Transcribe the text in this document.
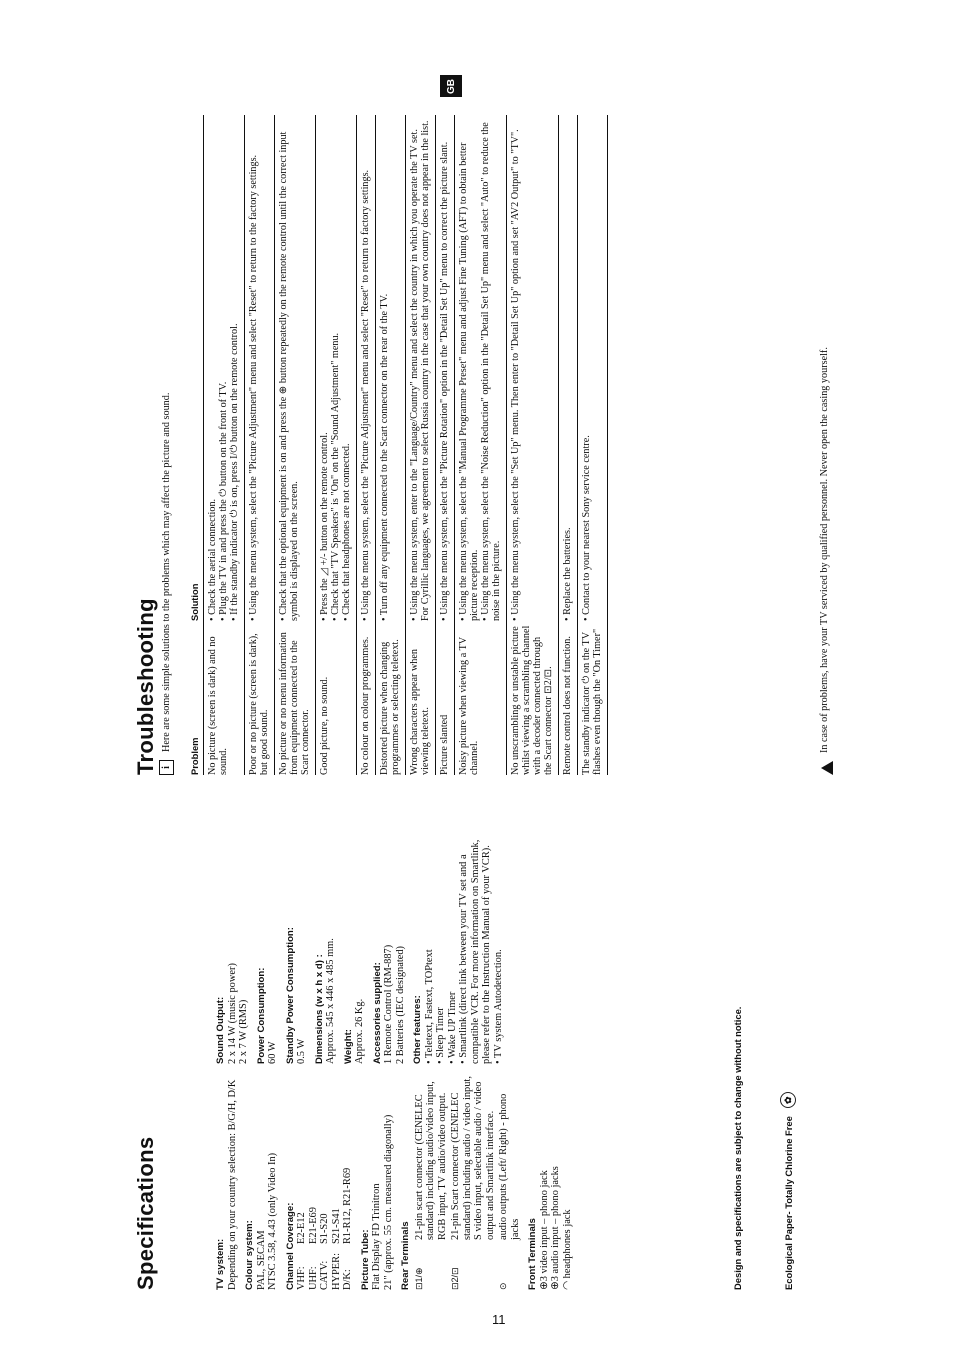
GB
Specifications	TV system: Depending on your country selection: B/G/H, D/K Colour system: PAL, SECAM NTSC 3.58, 4.43 (only Video In) Channel Coverage: VHF:
E2-E12
UHF:
E21-E69
CATV:
S1-S20
HYPER:
S21-S41
D/K:
R1-R12, R21-R69
Picture Tube: Flat Display FD Trinitron 21" (approx. 55 cm. measured diagonally) Rear Terminals ⊡1/⊕
21-pin scart connector (CENELEC standard) including audio/video input, RGB input, TV audio/video output.
⊡2/⊡
21-pin Scart connector (CENELEC standard) including audio / video input, S video input, selectable audio / video output and Smartlink interface.
⊙
audio outputs (Left/ Right) - phono jacks Front Terminals ⊕3 video input – phono jack ⊕3 audio input – phono jacks ◠ headphones jack
Sound Output: 2 x 14 W (music power) 2 x 7 W (RMS) Power Consumption: 60 W Standby Power Consumption: 0.5 W Dimensions (w x h x d) : Approx. 545 x 446 x 485 mm. Weight: Approx. 26 Kg. Accessories supplied: 1 Remote Control (RM-887) 2 Batteries (IEC designated) Other features: • Teletext, Fastext, TOPtext • Sleep Timer • Wake UP Timer • Smartlink (direct link between your TV set and a compatible VCR. For more information on Smartlink, please refer to the Instruction Manual of your VCR). • TV system Autodetection.
Design and specifications are subject to change without notice.	Ecological Paper- Totally Chlorine Free
✿
Troubleshooting i
Here are some simple solutions to the problems which may affect the picture and sound.
Problem	Solution
No picture (screen is dark) and no sound.	• Check the aerial connection. • Plug the TV in and press the ⏻ button on the front of TV. • If the standby indicator ⏻ is on, press I/⏻ button on the remote control.

Poor or no picture (screen is dark), but good sound.	• Using the menu system, select the "Picture Adjustment" menu and select "Reset" to return to the factory settings.

No picture or no menu information from equipment connected to the Scart connector.	• Check that the optional equipment is on and press the ⊕ button repeatedly on the remote control until the correct input symbol is displayed on the screen.

Good picture, no sound.	• Press the ◿ +/- button on the remote control. • Check that "TV Speakers" is "On" on the "Sound Adjustment" menu. • Check that headphones are not connected.

No colour on colour programmes.	• Using the menu system, select the "Picture Adjustment" menu and select "Reset" to return to factory settings.

Distorted picture when changing programmes or selecting teletext.	• Turn off any equipment connected to the Scart connector on the rear of the TV.

Wrong characters appear when viewing teletext.	• Using the menu system, enter to the "Language/Country" menu and select the country in which you operate the TV set. For Cyrillic languages, we agreement to select Russia country in the case that your own country does not appear in the list.

Picture slanted	• Using the menu system, select the "Picture Rotation" option in the "Detail Set Up" menu to correct the picture slant.

Noisy picture when viewing a TV channel.	• Using the menu system, select the "Manual Programme Preset" menu and adjust Fine Tuning (AFT) to obtain better picture reception. • Using the menu system, select the "Noise Reduction" option in the "Detail Set Up" menu and select "Auto" to reduce the noise in the picture.

No unscrambling or unstable picture whilst viewing a scrambling channel with a decoder connected through the Scart connector ⊡2/⊡.	• Using the menu system, select the "Set Up" menu. Then enter to "Detail Set Up" option and set "AV2 Output" to "TV".

Remote control does not function.	• Replace the batteries.

The standby indicator ⏻ on the TV flashes even though the "On Timer"	• Contact to your nearest Sony service centre.	In case of problems, have your TV serviced by qualified personnel. Never open the casing yourself.
11
